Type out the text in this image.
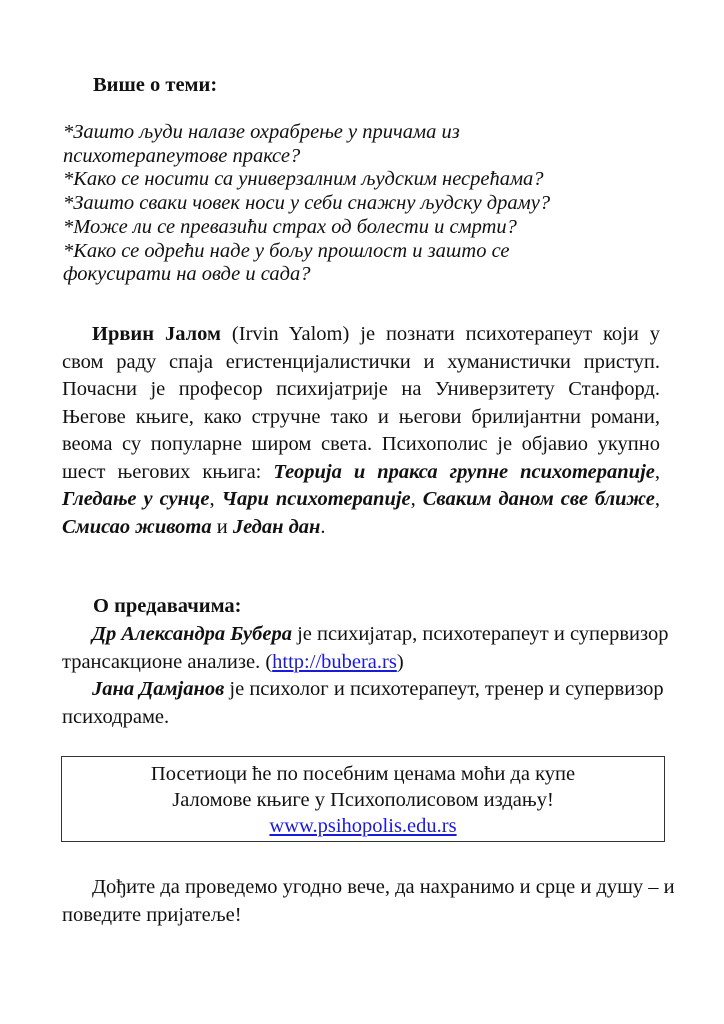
Више о теми:
*Зашто људи налазе охрабрење у причама из
психотерапеутове праксе?
*Како се носити са универзалним људским несрећама?
*Зашто сваки човек носи у себи снажну људску драму?
*Може ли се превазићи страх од болести и смрти?
*Како се одрећи наде у бољу прошлост и зашто се
фокусирати на овде и сада?

Ирвин Јалом (Irvin Yalom) је познати психотерапеут који у свом раду спаја егистенцијалистички и хуманистички приступ. Почасни је професор психијатрије на Универзитету Станфорд. Његове књиге, како стручне тако и његови брилијантни романи, веома су популарне широм света. Психополис је објавио укупно шест његових књига: Теорија и пракса групне психотерапије, Гледање у сунце, Чари психотерапије, Сваким даном све ближе, Смисао живота и Један дан.

О предавачима:

Др Александра Бубера је психијатар, психотерапеут и супервизор трансакционе анализе. (http://bubera.rs)

Јана Дамјанов је психолог и психотерапеут, тренер и супервизор психодраме.

Посетиоци ће по посебним ценама моћи да купе
Јаломове књиге у Психополисовом издању!
www.psihopolis.edu.rs

Дођите да проведемо угодно вече, да нахранимо и срце и душу – и поведите пријатеље!
